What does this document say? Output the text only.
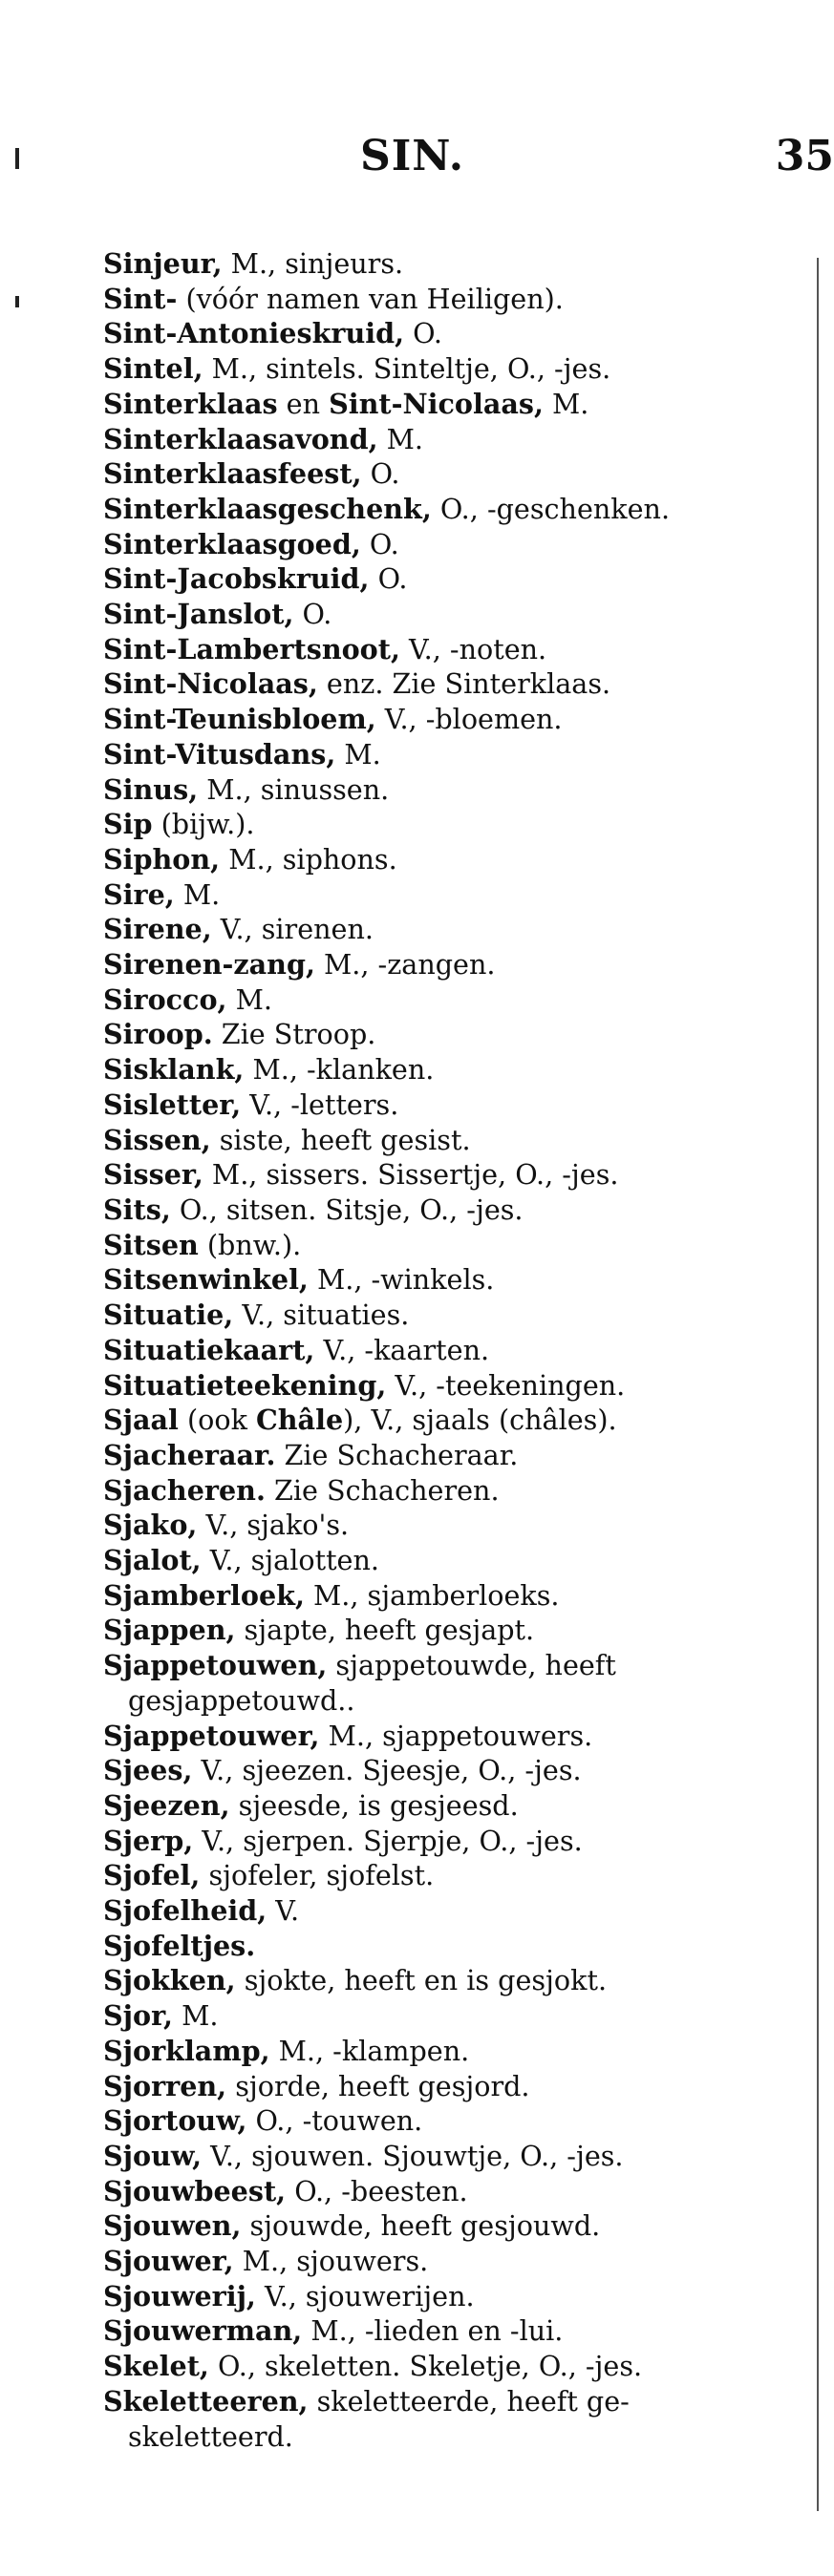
SIN.	35
Sinjeur, M., sinjeurs.
Sint- (vóór namen van Heiligen).
Sint-Antonieskruid, O.
Sintel, M., sintels. Sinteltje, O., -jes.
Sinterklaas en Sint-Nicolaas, M.
Sinterklaasavond, M.
Sinterklaasfeest, O.
Sinterklaasgeschenk, O., -geschenken.
Sinterklaasgoed, O.
Sint-Jacobskruid, O.
Sint-Janslot, O.
Sint-Lambertsnoot, V., -noten.
Sint-Nicolaas, enz. Zie Sinterklaas.
Sint-Teunisbloem, V., -bloemen.
Sint-Vitusdans, M.
Sinus, M., sinussen.
Sip (bijw.).
Siphon, M., siphons.
Sire, M.
Sirene, V., sirenen.
Sirenen-zang, M., -zangen.
Sirocco, M.
Siroop. Zie Stroop.
Sisklank, M., -klanken.
Sisletter, V., -letters.
Sissen, siste, heeft gesist.
Sisser, M., sissers. Sissertje, O., -jes.
Sits, O., sitsen. Sitsje, O., -jes.
Sitsen (bnw.).
Sitsenwinkel, M., -winkels.
Situatie, V., situaties.
Situatiekaart, V., -kaarten.
Situatieteekening, V., -teekeningen.
Sjaal (ook Châle), V., sjaals (châles).
Sjacheraar. Zie Schacheraar.
Sjacheren. Zie Schacheren.
Sjako, V., sjako's.
Sjalot, V., sjalotten.
Sjamberloek, M., sjamberloeks.
Sjappen, sjapte, heeft gesjapt.
Sjappetouwen, sjappetouwde, heeft
gesjappetouwd..
Sjappetouwer, M., sjappetouwers.
Sjees, V., sjeezen. Sjeesje, O., -jes.
Sjeezen, sjeesde, is gesjeesd.
Sjerp, V., sjerpen. Sjerpje, O., -jes.
Sjofel, sjofeler, sjofelst.
Sjofelheid, V.
Sjofeltjes.
Sjokken, sjokte, heeft en is gesjokt.
Sjor, M.
Sjorklamp, M., -klampen.
Sjorren, sjorde, heeft gesjord.
Sjortouw, O., -touwen.
Sjouw, V., sjouwen. Sjouwtje, O., -jes.
Sjouwbeest, O., -beesten.
Sjouwen, sjouwde, heeft gesjouwd.
Sjouwer, M., sjouwers.
Sjouwerij, V., sjouwerijen.
Sjouwerman, M., -lieden en -lui.
Skelet, O., skeletten. Skeletje, O., -jes.
Skeletteeren, skeletteerde, heeft ge-
skeletteerd.
